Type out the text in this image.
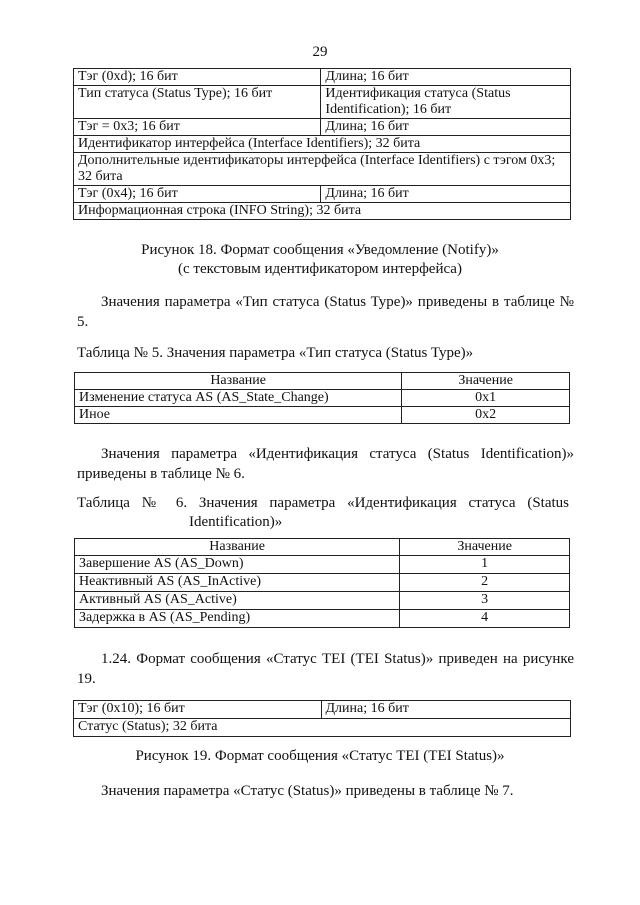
29
Тэг (0xd); 16 бит	Длина; 16 бит
Тип статуса (Status Type); 16 бит	Идентификация статуса (Status Identification); 16 бит
Тэг = 0x3; 16 бит	Длина; 16 бит
Идентификатор интерфейса (Interface Identifiers); 32 бита	
Дополнительные идентификаторы интерфейса (Interface Identifiers) с тэгом 0x3; 32 бита	
Тэг (0x4); 16 бит	Длина; 16 бит
Информационная строка (INFO String); 32 бита	
Рисунок 18. Формат сообщения «Уведомление (Notify)»
(с текстовым идентификатором интерфейса)
Значения параметра «Тип статуса (Status Type)» приведены в таблице № 5.
Таблица № 5. Значения параметра «Тип статуса (Status Type)»
Название	Значение
Изменение статуса AS (AS_State_Change)	0x1
Иное	0x2
Значения параметра «Идентификация статуса (Status Identification)» приведены в таблице № 6.
Таблица № 6. Значения параметра «Идентификация статуса (Status
Identification)»
Название	Значение
Завершение AS (AS_Down)	1
Неактивный AS (AS_InActive)	2
Активный AS (AS_Active)	3
Задержка в AS (AS_Pending)	4
1.24. Формат сообщения «Статус TEI (TEI Status)» приведен на рисунке 19.
Тэг (0x10); 16 бит	Длина; 16 бит
Статус (Status); 32 бита
Рисунок 19. Формат сообщения «Статус TEI (TEI Status)»
Значения параметра «Статус (Status)» приведены в таблице № 7.
